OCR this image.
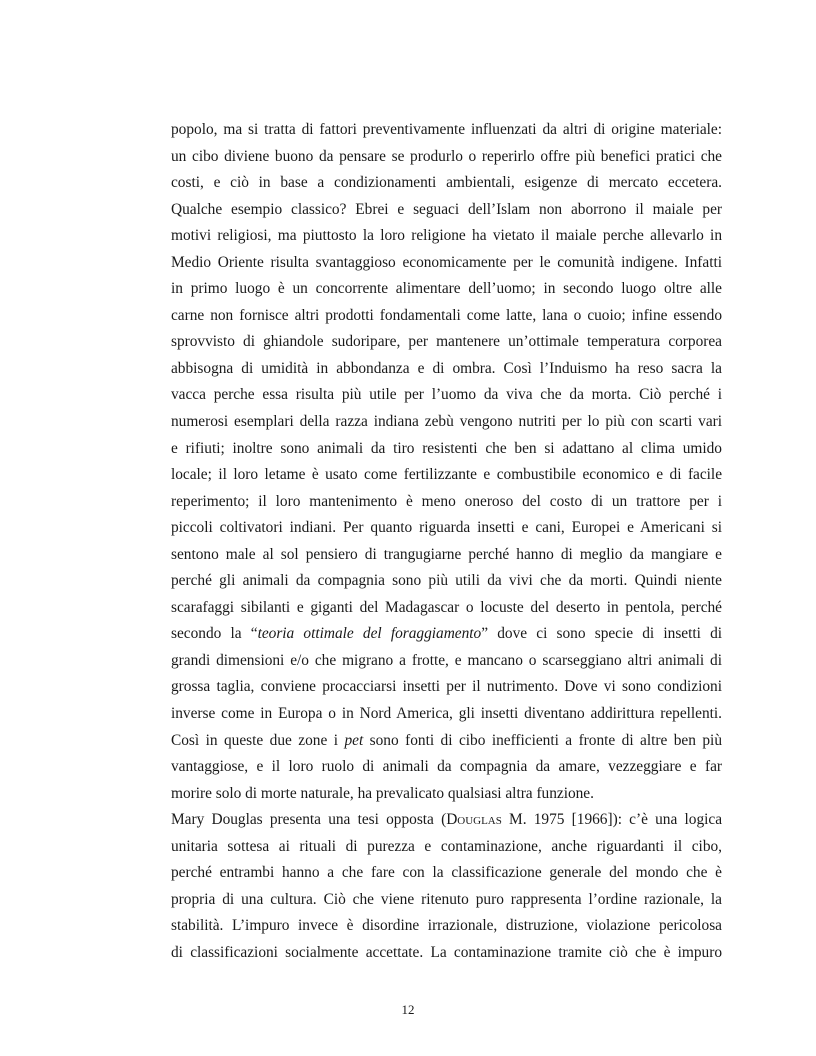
popolo, ma si tratta di fattori preventivamente influenzati da altri di origine materiale:
un cibo diviene buono da pensare se produrlo o reperirlo offre più benefici pratici che
costi, e ciò in base a condizionamenti ambientali, esigenze di mercato eccetera.
Qualche esempio classico? Ebrei e seguaci dell’Islam non aborrono il maiale per
motivi religiosi, ma piuttosto la loro religione ha vietato il maiale perche allevarlo in
Medio Oriente risulta svantaggioso economicamente per le comunità indigene. Infatti
in primo luogo è un concorrente alimentare dell’uomo; in secondo luogo oltre alle
carne non fornisce altri prodotti fondamentali come latte, lana o cuoio; infine essendo
sprovvisto di ghiandole sudoripare, per mantenere un’ottimale temperatura corporea
abbisogna di umidità in abbondanza e di ombra. Così l’Induismo ha reso sacra la
vacca perche essa risulta più utile per l’uomo da viva che da morta. Ciò perché i
numerosi esemplari della razza indiana zebù vengono nutriti per lo più con scarti vari
e rifiuti; inoltre sono animali da tiro resistenti che ben si adattano al clima umido
locale; il loro letame è usato come fertilizzante e combustibile economico e di facile
reperimento; il loro mantenimento è meno oneroso del costo di un trattore per i
piccoli coltivatori indiani. Per quanto riguarda insetti e cani, Europei e Americani si
sentono male al sol pensiero di trangugiarne perché hanno di meglio da mangiare e
perché gli animali da compagnia sono più utili da vivi che da morti. Quindi niente
scarafaggi sibilanti e giganti del Madagascar o locuste del deserto in pentola, perché
secondo la “teoria ottimale del foraggiamento” dove ci sono specie di insetti di
grandi dimensioni e/o che migrano a frotte, e mancano o scarseggiano altri animali di
grossa taglia, conviene procacciarsi insetti per il nutrimento. Dove vi sono condizioni
inverse come in Europa o in Nord America, gli insetti diventano addirittura repellenti.
Così in queste due zone i pet sono fonti di cibo inefficienti a fronte di altre ben più
vantaggiose, e il loro ruolo di animali da compagnia da amare, vezzeggiare e far
morire solo di morte naturale, ha prevalicato qualsiasi altra funzione.
Mary Douglas presenta una tesi opposta (Douglas M. 1975 [1966]): c’è una logica
unitaria sottesa ai rituali di purezza e contaminazione, anche riguardanti il cibo,
perché entrambi hanno a che fare con la classificazione generale del mondo che è
propria di una cultura. Ciò che viene ritenuto puro rappresenta l’ordine razionale, la
stabilità. L’impuro invece è disordine irrazionale, distruzione, violazione pericolosa
di classificazioni socialmente accettate. La contaminazione tramite ciò che è impuro
12
